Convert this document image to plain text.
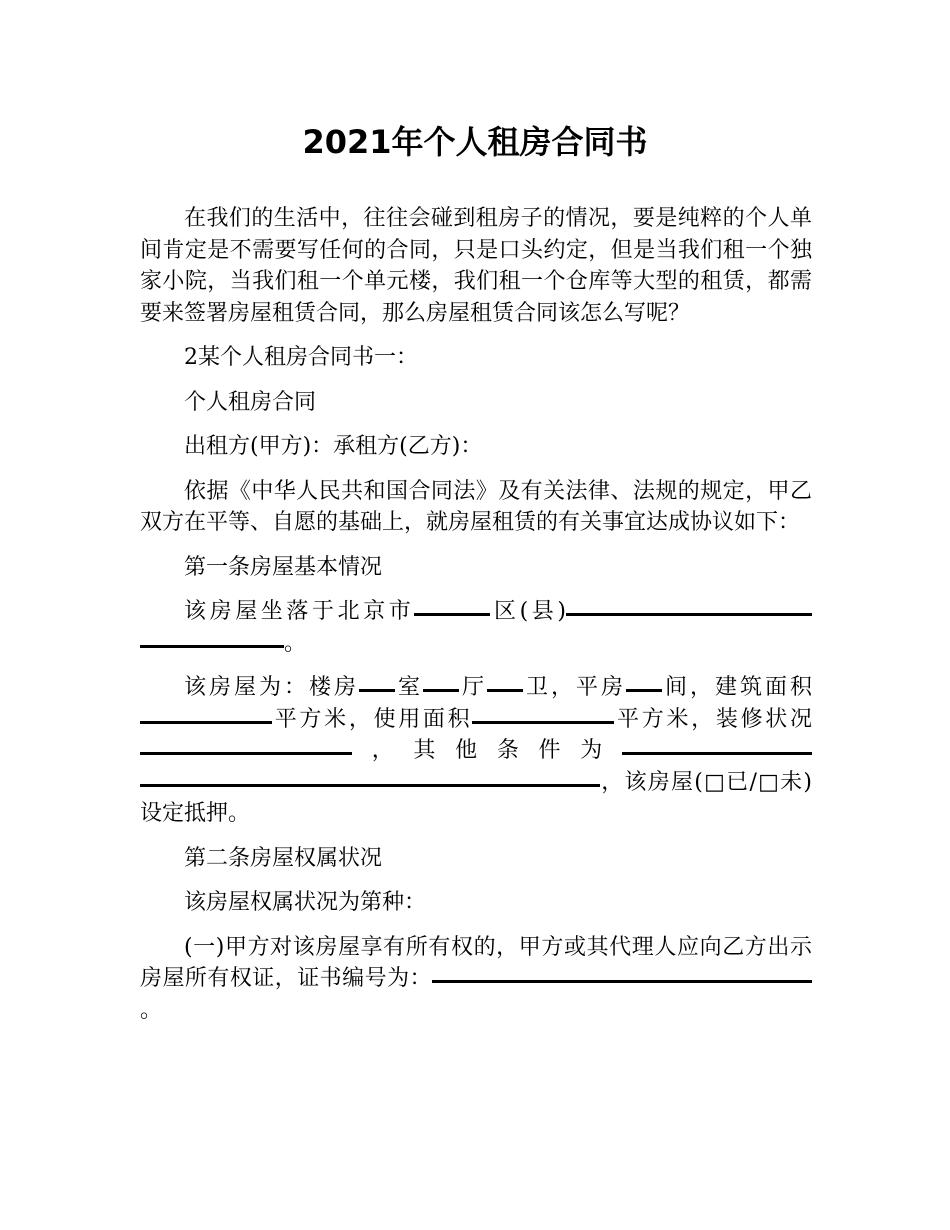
2021年个人租房合同书

在我们的生活中，往往会碰到租房子的情况，要是纯粹的个人单间肯定是不需要写任何的合同，只是口头约定，但是当我们租一个独家小院，当我们租一个单元楼，我们租一个仓库等大型的租赁，都需要来签署房屋租赁合同，那么房屋租赁合同该怎么写呢？

2某个人租房合同书一：

个人租房合同

出租方(甲方)：承租方(乙方)：

依据《中华人民共和国合同法》及有关法律、法规的规定，甲乙双方在平等、自愿的基础上，就房屋租赁的有关事宜达成协议如下：

第一条房屋基本情况

该房屋坐落于北京市	区(县)。

该房屋为：楼房 室 厅 卫，平房 间，建筑面积平方米，使用面积	平方米，装修状况，其他条件为，该房屋(□已/□未)设定抵押。

第二条房屋权属状况

该房屋权属状况为第种：

(一)甲方对该房屋享有所有权的，甲方或其代理人应向乙方出示房屋所有权证，证书编号为：。
